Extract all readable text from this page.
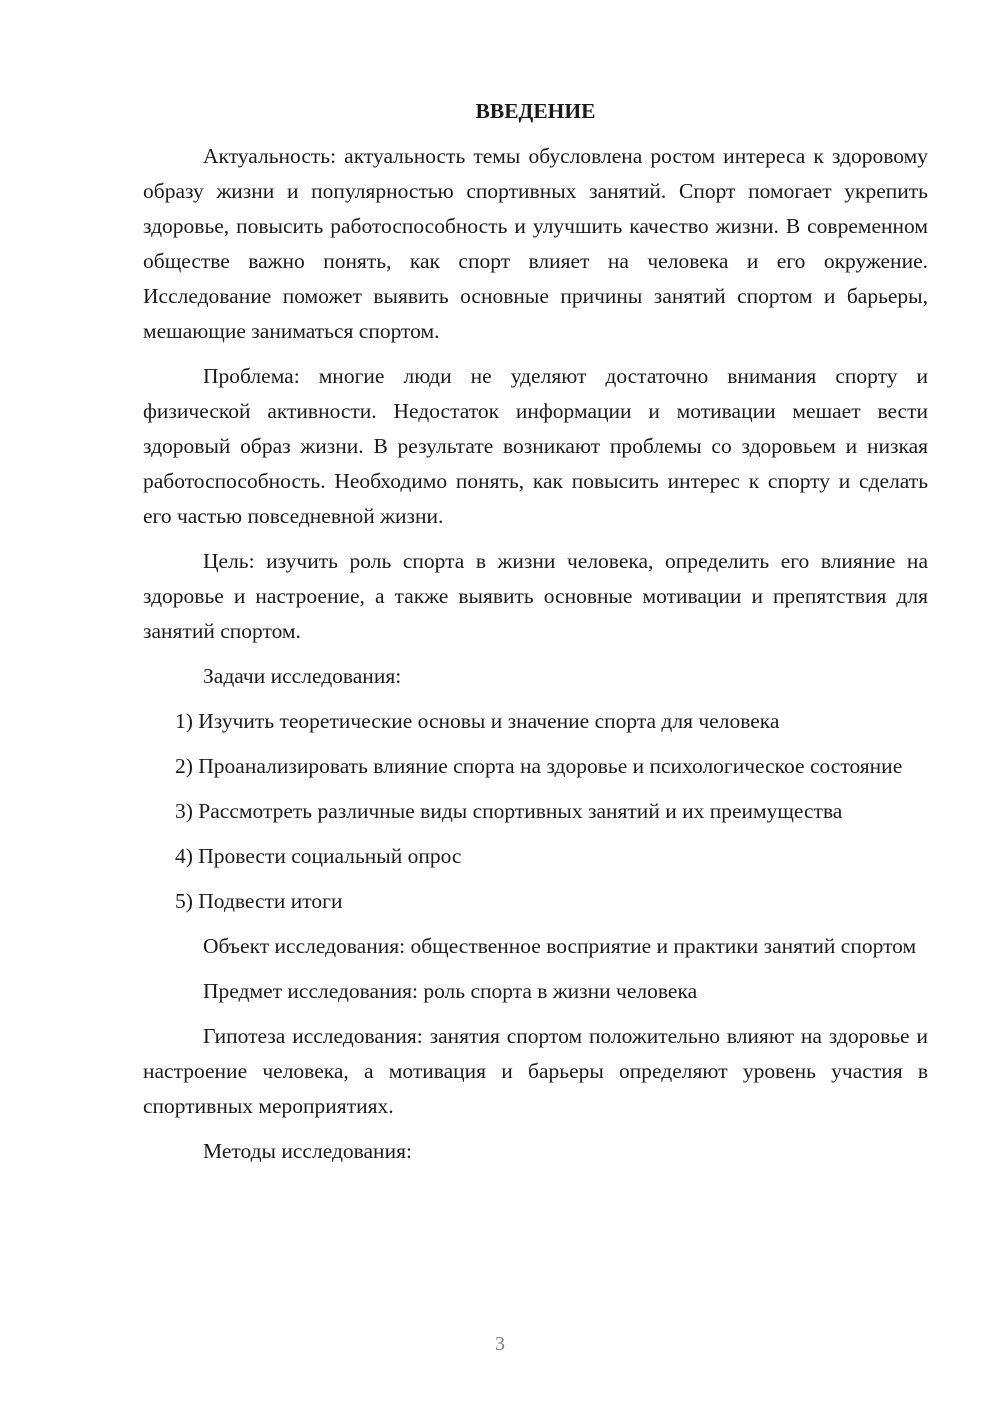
ВВЕДЕНИЕ

Актуальность: актуальность темы обусловлена ростом интереса к здоровому образу жизни и популярностью спортивных занятий. Спорт помогает укрепить здоровье, повысить работоспособность и улучшить качество жизни. В современном обществе важно понять, как спорт влияет на человека и его окружение. Исследование поможет выявить основные причины занятий спортом и барьеры, мешающие заниматься спортом.

Проблема: многие люди не уделяют достаточно внимания спорту и физической активности. Недостаток информации и мотивации мешает вести здоровый образ жизни. В результате возникают проблемы со здоровьем и низкая работоспособность. Необходимо понять, как повысить интерес к спорту и сделать его частью повседневной жизни.

Цель: изучить роль спорта в жизни человека, определить его влияние на здоровье и настроение, а также выявить основные мотивации и препятствия для занятий спортом.

Задачи исследования:

1) Изучить теоретические основы и значение спорта для человека

2) Проанализировать влияние спорта на здоровье и психологическое состояние

3) Рассмотреть различные виды спортивных занятий и их преимущества

4) Провести социальный опрос

5) Подвести итоги

Объект исследования: общественное восприятие и практики занятий спортом

Предмет исследования: роль спорта в жизни человека

Гипотеза исследования: занятия спортом положительно влияют на здоровье и настроение человека, а мотивация и барьеры определяют уровень участия в спортивных мероприятиях.

Методы исследования:

3
